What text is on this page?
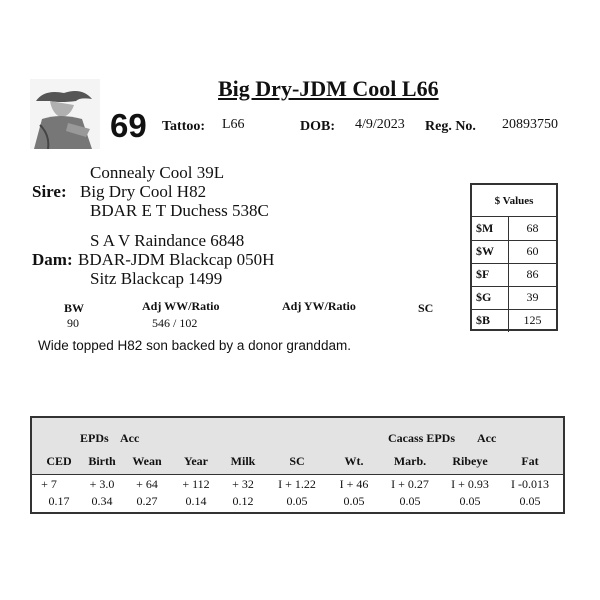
Big Dry-JDM Cool L66
69 Tattoo: L66	DOB: 4/9/2023 Reg. No. 20893750
Connealy Cool 39L
Sire: Big Dry Cool H82
BDAR E T Duchess 538C
S A V Raindance 6848
Dam: BDAR-JDM Blackcap 050H
Sitz Blackcap 1499
BW
90
Adj WW/Ratio
546 / 102
Adj YW/Ratio	SC
Wide topped H82 son backed by a donor granddam.
$ Values
$M	68
$W	60
$F	86
$G	39
$B	125
EPDs Acc	Cacass EPDs Acc
CED	Birth	Wean	Year	Milk	SC	Wt.	Marb.	Ribeye	Fat
+ 7	+ 3.0	+ 64	+ 112	+ 32	I + 1.22	I + 46	I + 0.27	I + 0.93	I -0.013
0.17	0.34	0.27	0.14	0.12	0.05	0.05	0.05	0.05	0.05
